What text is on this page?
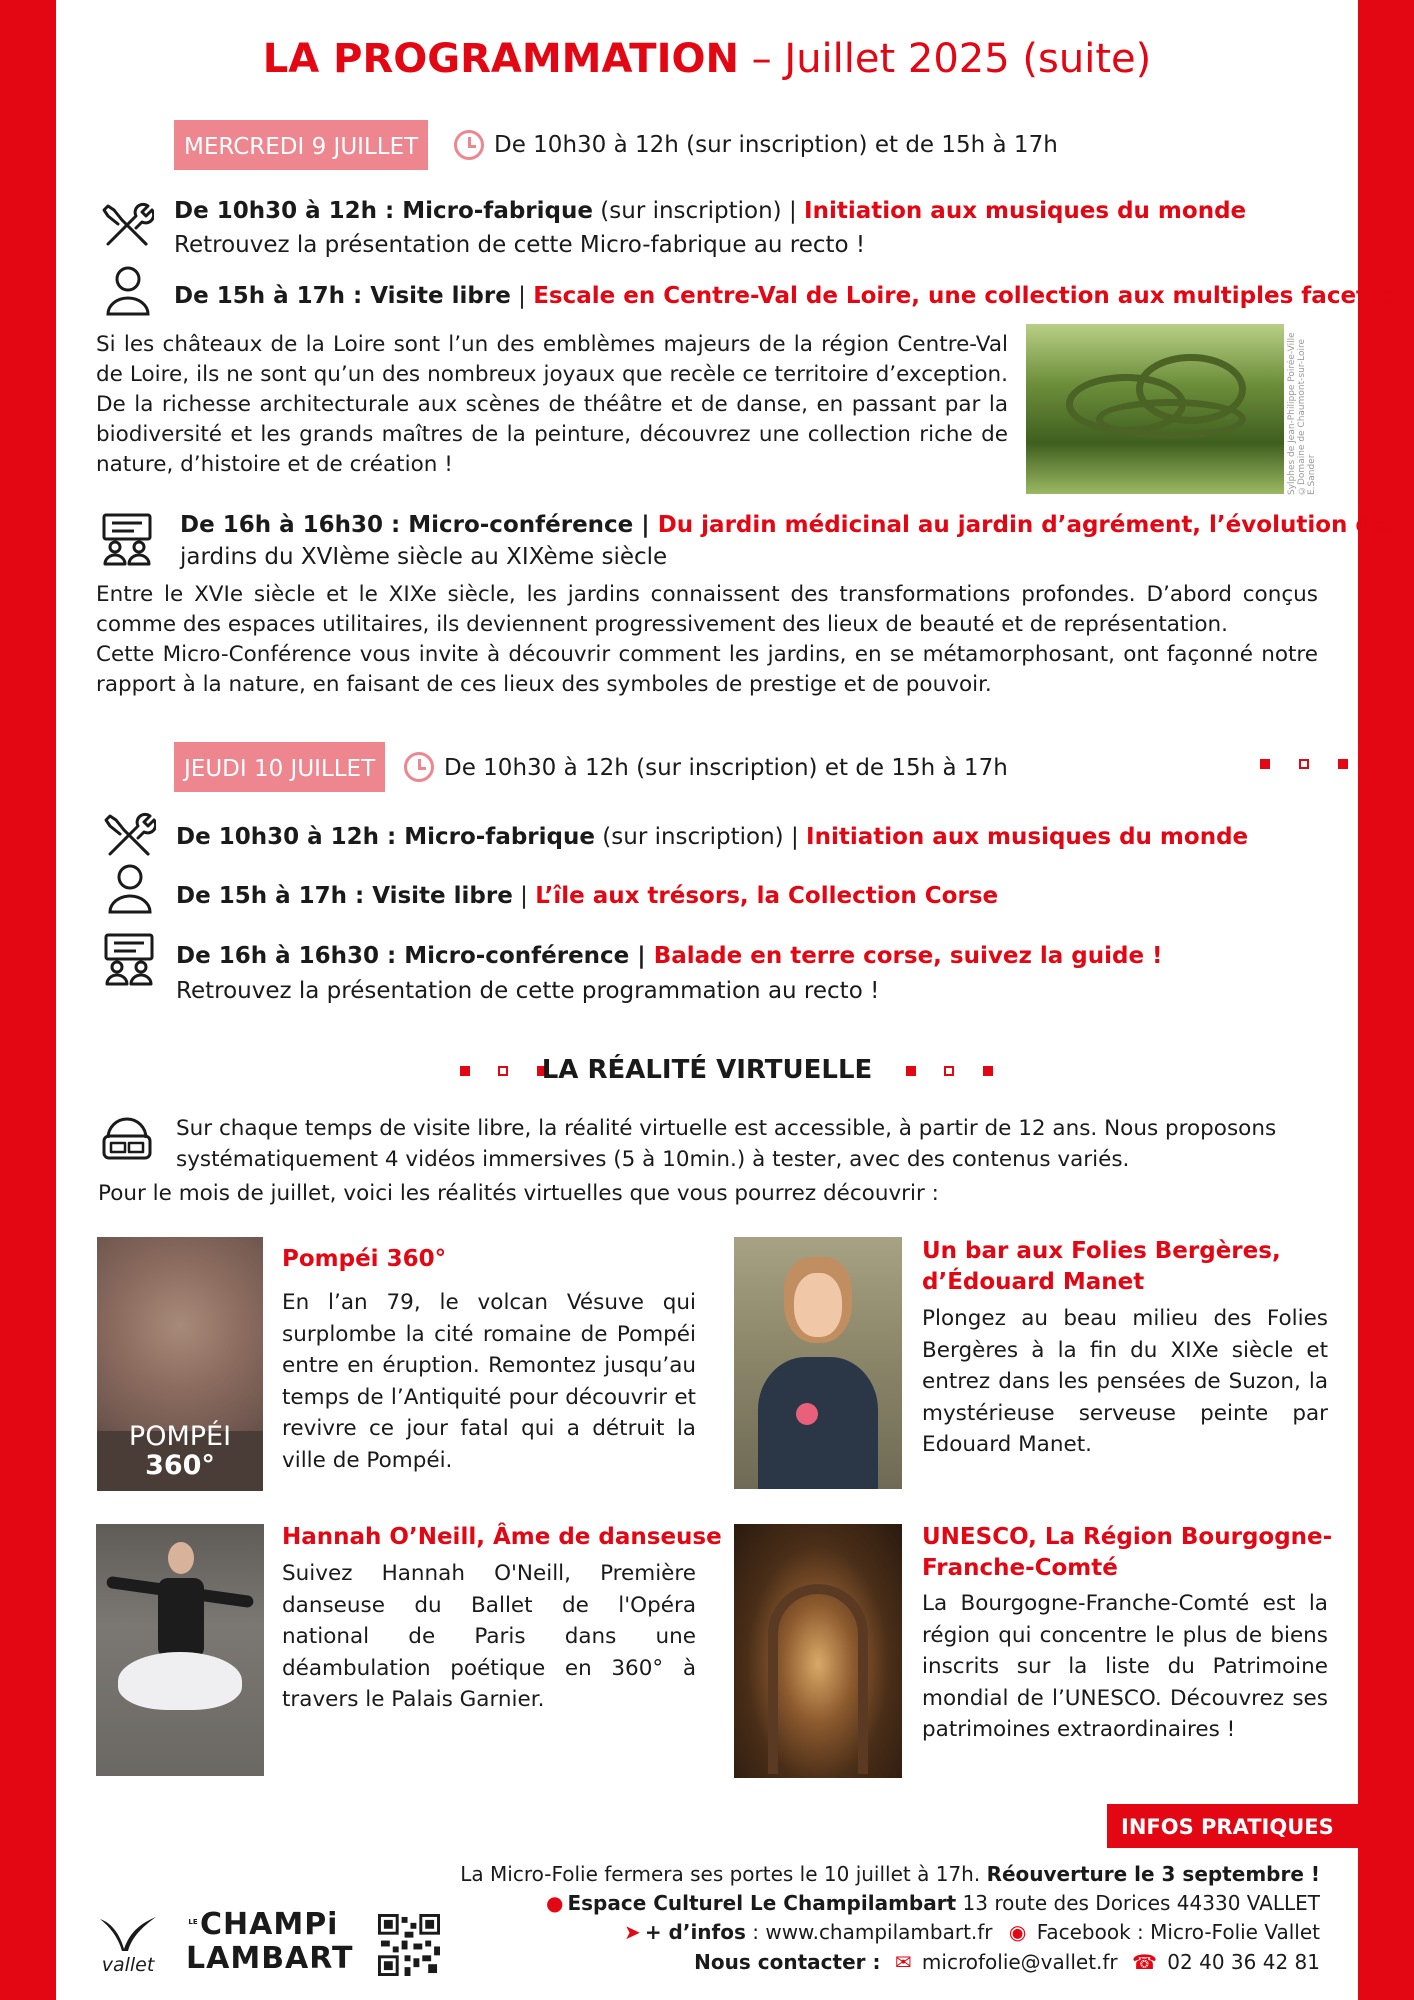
LA PROGRAMMATION – Juillet 2025 (suite)
MERCREDI 9 JUILLET	De 10h30 à 12h (sur inscription) et de 15h à 17h
De 10h30 à 12h : Micro-fabrique (sur inscription) | Initiation aux musiques du monde
Retrouvez la présentation de cette Micro-fabrique au recto !
De 15h à 17h : Visite libre | Escale en Centre-Val de Loire, une collection aux multiples facettes
Si les châteaux de la Loire sont l’un des emblèmes majeurs de la région Centre-Val de Loire, ils ne sont qu’un des nombreux joyaux que recèle ce territoire d’exception. De la richesse architecturale aux scènes de théâtre et de danse, en passant par la biodiversité et les grands maîtres de la peinture, découvrez une collection riche de nature, d’histoire et de création !	Sylphes de Jean-Philippe Poirée-Ville ©Domaine de Chaumont-sur-Loire E.Sander
De 16h à 16h30 : Micro-conférence | Du jardin médicinal au jardin d’agrément, l’évolution des
jardins du XVIème siècle au XIXème siècle
Entre le XVIe siècle et le XIXe siècle, les jardins connaissent des transformations profondes. D’abord conçus comme des espaces utilitaires, ils deviennent progressivement des lieux de beauté et de représentation.
Cette Micro-Conférence vous invite à découvrir comment les jardins, en se métamorphosant, ont façonné notre rapport à la nature, en faisant de ces lieux des symboles de prestige et de pouvoir.
JEUDI 10 JUILLET	De 10h30 à 12h (sur inscription) et de 15h à 17h
De 10h30 à 12h : Micro-fabrique (sur inscription) | Initiation aux musiques du monde
De 15h à 17h : Visite libre | L’île aux trésors, la Collection Corse
De 16h à 16h30 : Micro-conférence | Balade en terre corse, suivez la guide !
Retrouvez la présentation de cette programmation au recto !
LA RÉALITÉ VIRTUELLE
Sur chaque temps de visite libre, la réalité virtuelle est accessible, à partir de 12 ans. Nous proposons
systématiquement 4 vidéos immersives (5 à 10min.) à tester, avec des contenus variés.
Pour le mois de juillet, voici les réalités virtuelles que vous pourrez découvrir :
POMPÉI
360°
Pompéi 360°
En l’an 79, le volcan Vésuve qui surplombe la cité romaine de Pompéi entre en éruption. Remontez jusqu’au temps de l’Antiquité pour découvrir et revivre ce jour fatal qui a détruit la ville de Pompéi.
Un bar aux Folies Bergères,
d’Édouard Manet
Plongez au beau milieu des Folies Bergères à la fin du XIXe siècle et entrez dans les pensées de Suzon, la mystérieuse serveuse peinte par Edouard Manet.
Hannah O’Neill, Âme de danseuse
Suivez Hannah O'Neill, Première danseuse du Ballet de l'Opéra national de Paris dans une déambulation poétique en 360° à travers le Palais Garnier.
UNESCO, La Région Bourgogne-
Franche-Comté
La Bourgogne-Franche-Comté est la région qui concentre le plus de biens inscrits sur la liste du Patrimoine mondial de l’UNESCO. Découvrez ses patrimoines extraordinaires !
INFOS PRATIQUES
La Micro-Folie fermera ses portes le 10 juillet à 17h. Réouverture le 3 septembre !
● Espace Culturel Le Champilambart 13 route des Dorices 44330 VALLET
➤ + d’infos : www.champilambart.fr ◉ Facebook : Micro-Folie Vallet
Nous contacter : ✉ microfolie@vallet.fr ☎ 02 40 36 42 81
vallet
LE CHAMPi
LAMBART
